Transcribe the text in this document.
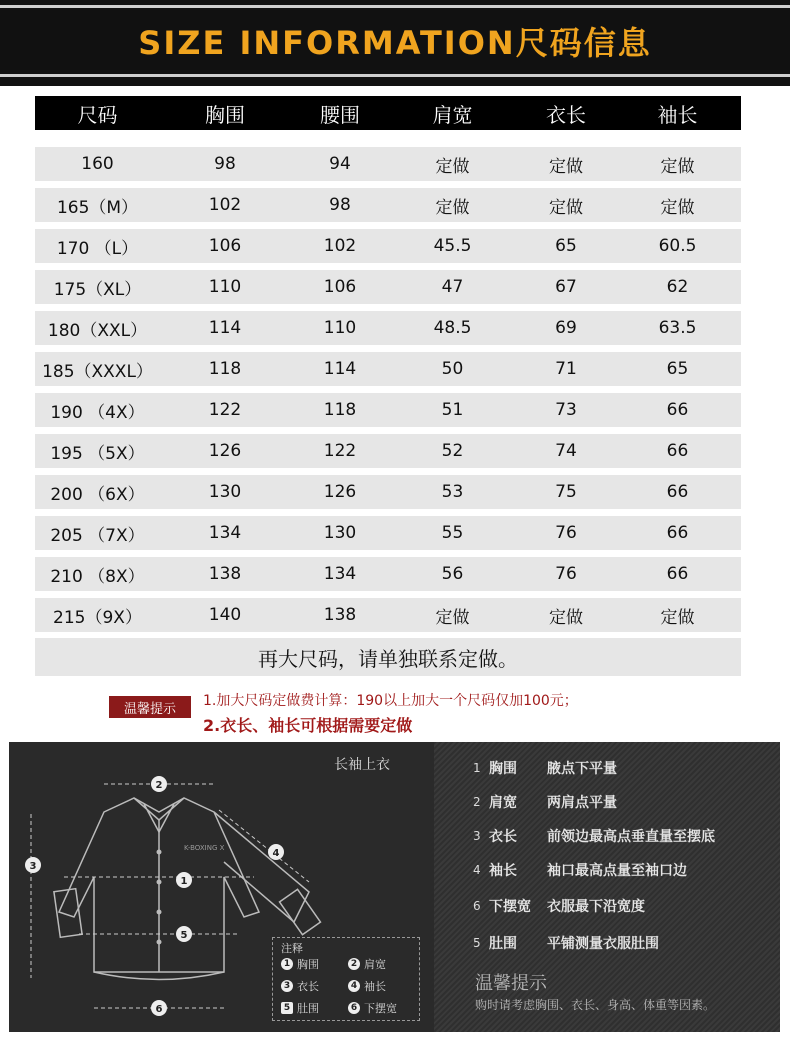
SIZE INFORMATION尺码信息
尺码	胸围	腰围	肩宽	衣长	袖长
160	98	94	定做	定做	定做
165（M）	102	98	定做	定做	定做
170 （L）	106	102	45.5	65	60.5
175（XL）	110	106	47	67	62
180（XXL）	114	110	48.5	69	63.5
185（XXXL）	118	114	50	71	65
190 （4X）	122	118	51	73	66
195 （5X）	126	122	52	74	66
200 （6X）	130	126	53	75	66
205 （7X）	134	130	55	76	66
210 （8X）	138	134	56	76	66
215（9X）	140	138	定做	定做	定做
再大尺码，请单独联系定做。
温馨提示	1.加大尺码定做费计算：190以上加大一个尺码仅加100元；
2.衣长、袖长可根据需要定做
K-BOXING X
2
4
1
3
5
6
长袖上衣
注释
1 胸围	2 肩宽
3 衣长	4 袖长
5 肚围	6 下摆宽
1 胸围	腋点下平量
2 肩宽	两肩点平量
3 衣长	前领边最高点垂直量至摆底
4 袖长	袖口最高点量至袖口边
6 下摆宽	衣服最下沿宽度
5 肚围	平铺测量衣服肚围
温馨提示
购时请考虑胸围、衣长、身高、体重等因素。
